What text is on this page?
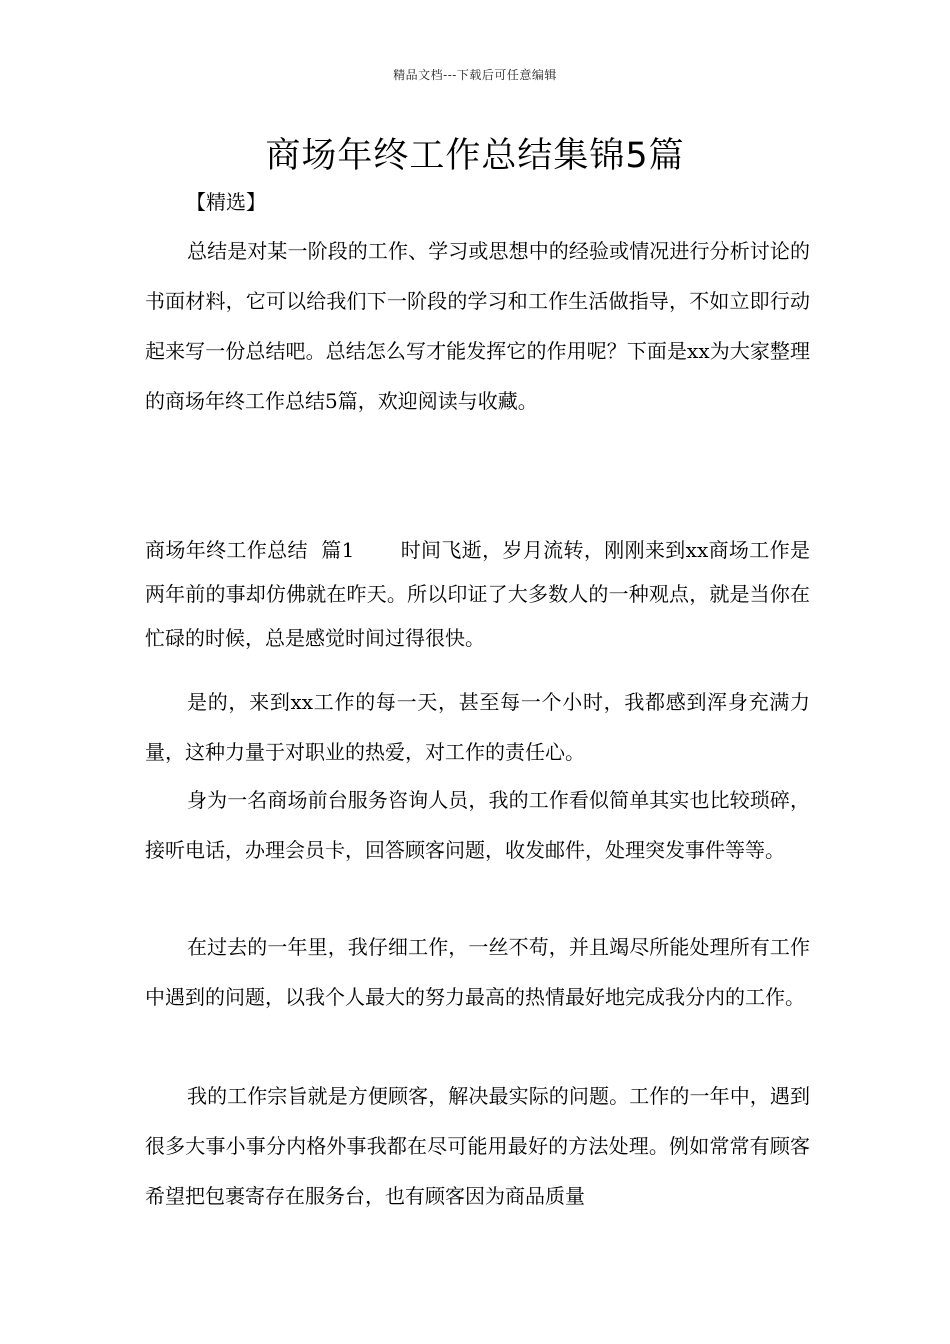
精品文档---下载后可任意编辑
商场年终工作总结集锦5篇
【精选】

总结是对某一阶段的工作、学习或思想中的经验或情况进行分析讨论的书面材料，它可以给我们下一阶段的学习和工作生活做指导，不如立即行动起来写一份总结吧。总结怎么写才能发挥它的作用呢？下面是xx为大家整理的商场年终工作总结5篇，欢迎阅读与收藏。

商场年终工作总结  篇1 时间飞逝，岁月流转，刚刚来到xx商场工作是两年前的事却仿佛就在昨天。所以印证了大多数人的一种观点，就是当你在忙碌的时候，总是感觉时间过得很快。

是的，来到xx工作的每一天，甚至每一个小时，我都感到浑身充满力量，这种力量于对职业的热爱，对工作的责任心。

身为一名商场前台服务咨询人员，我的工作看似简单其实也比较琐碎，接听电话，办理会员卡，回答顾客问题，收发邮件，处理突发事件等等。

在过去的一年里，我仔细工作，一丝不苟，并且竭尽所能处理所有工作中遇到的问题，以我个人最大的努力最高的热情最好地完成我分内的工作。

我的工作宗旨就是方便顾客，解决最实际的问题。工作的一年中，遇到很多大事小事分内格外事我都在尽可能用最好的方法处理。例如常常有顾客希望把包裹寄存在服务台，也有顾客因为商品质量
